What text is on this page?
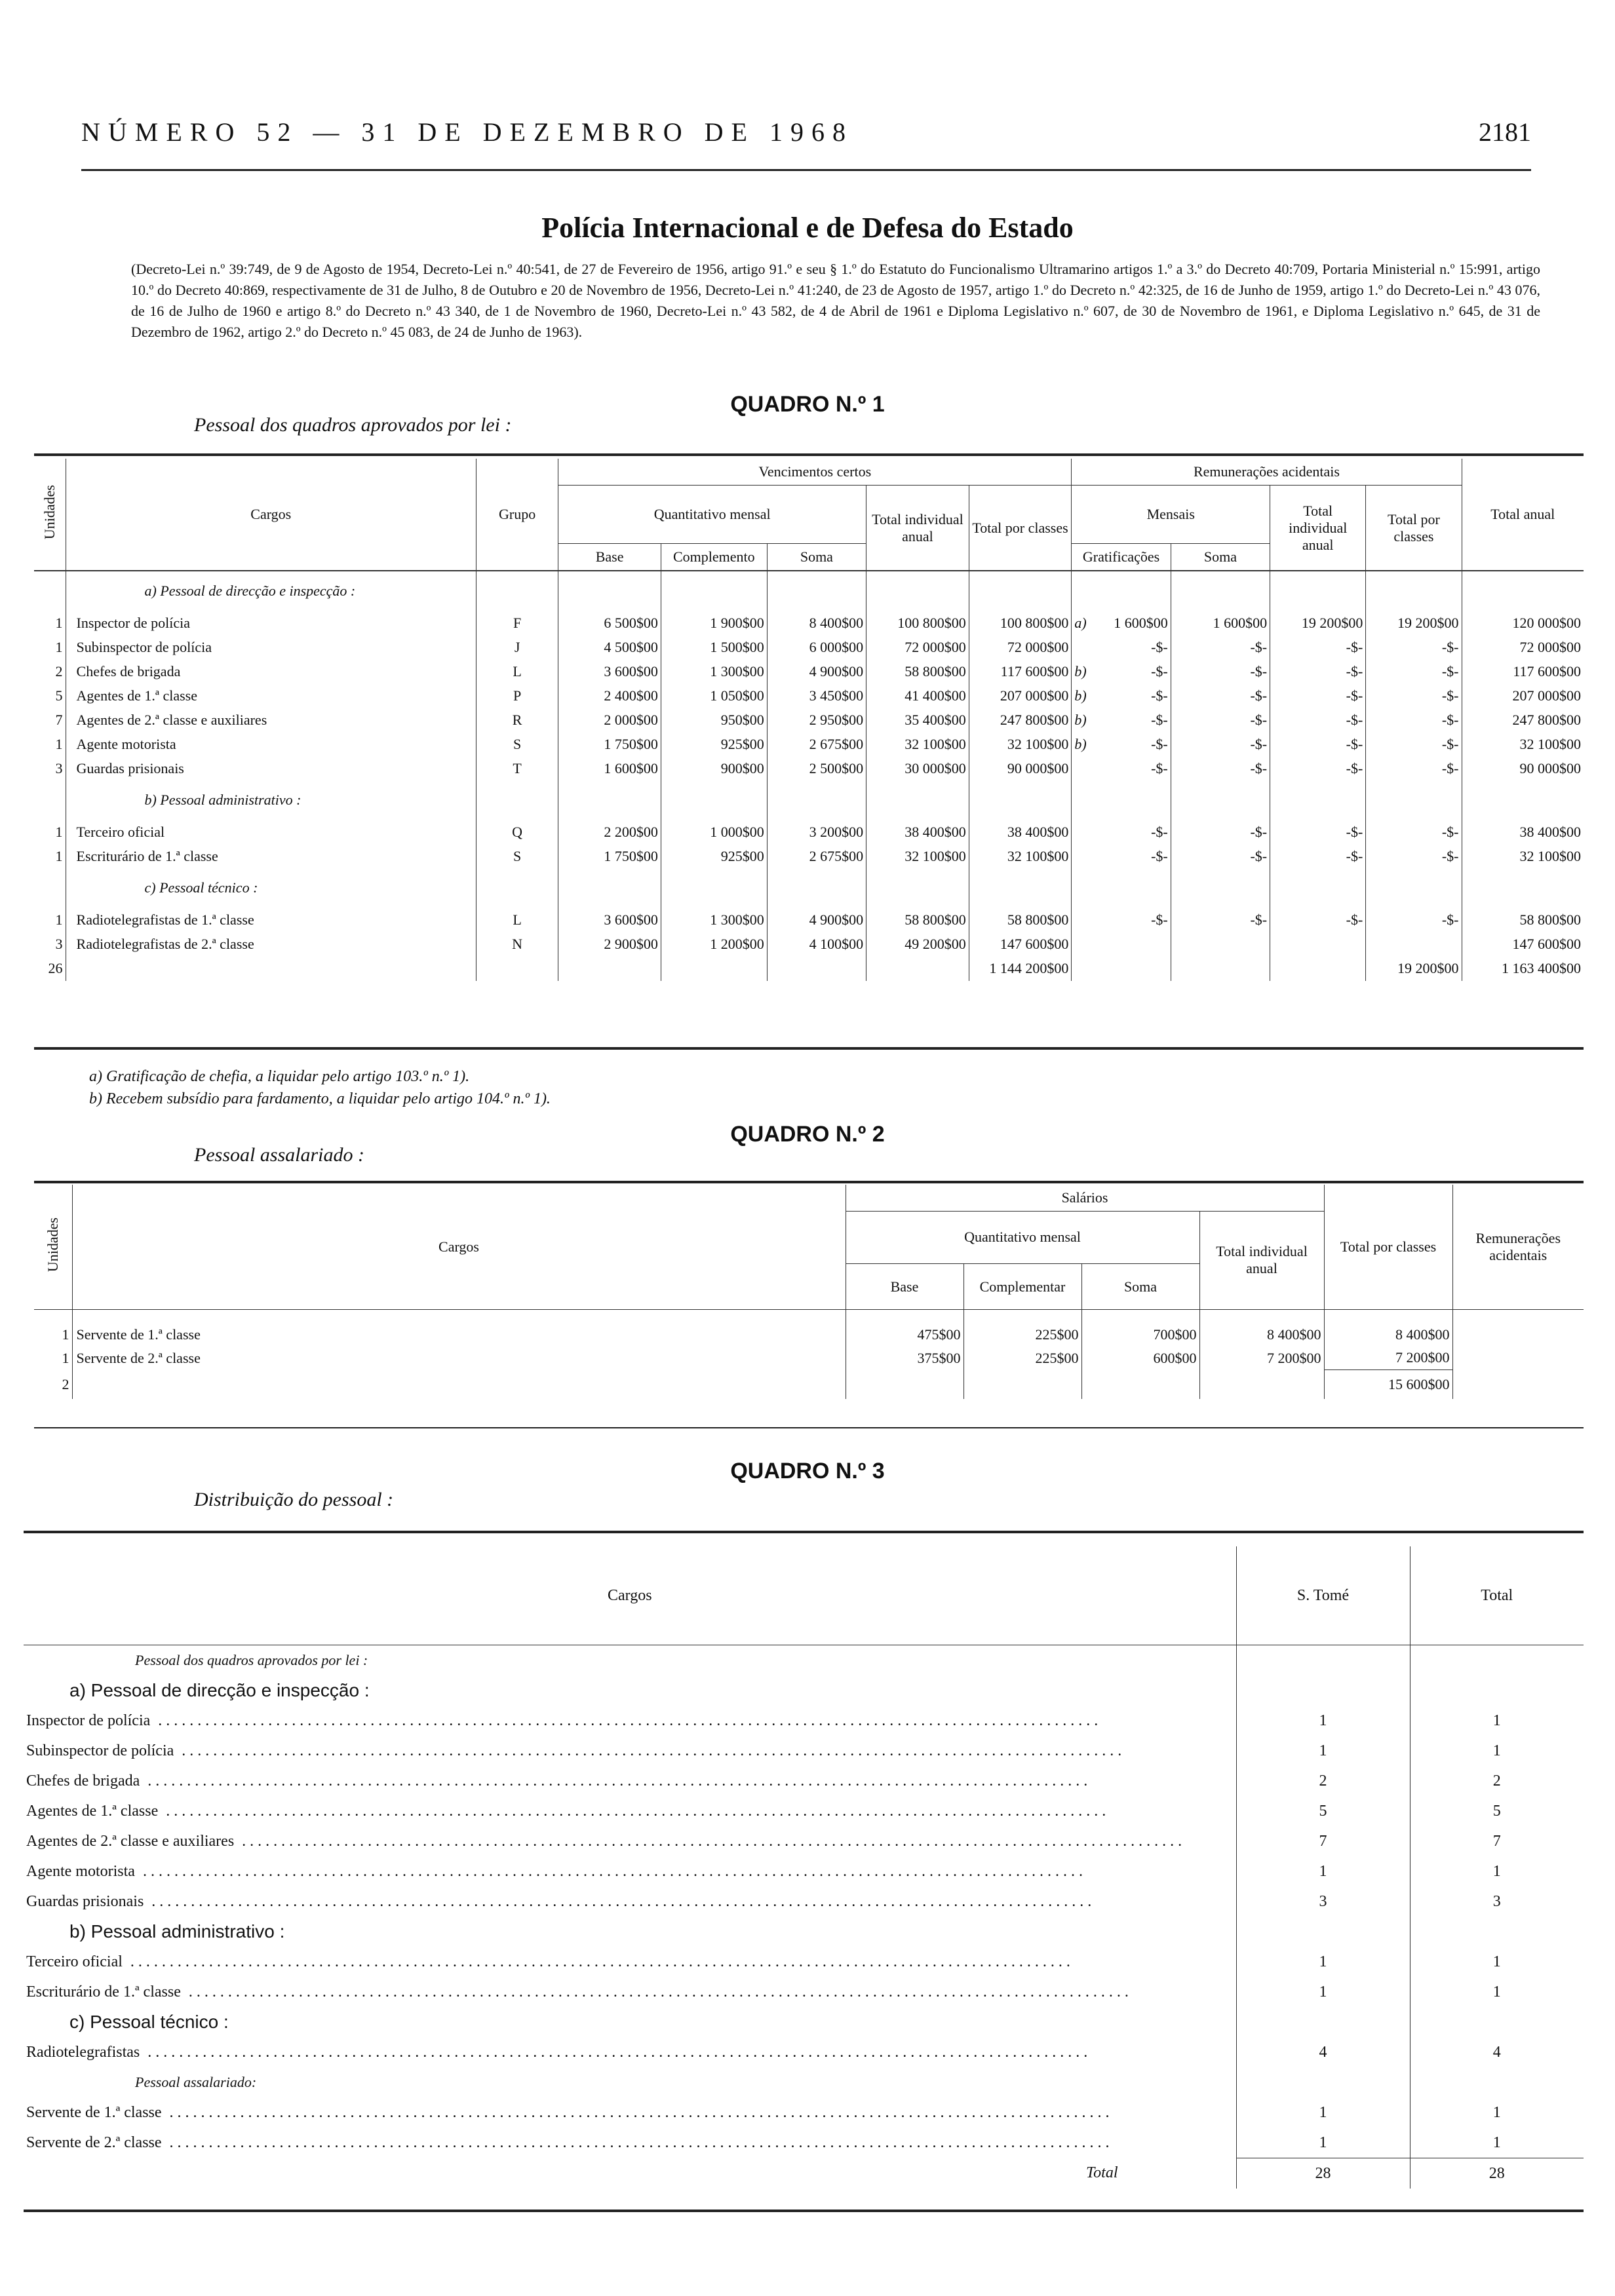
NÚMERO 52 — 31 DE DEZEMBRO DE 1968	2181
Polícia Internacional e de Defesa do Estado
(Decreto-Lei n.º 39:749, de 9 de Agosto de 1954, Decreto-Lei n.º 40:541, de 27 de Fevereiro de 1956, artigo 91.º e seu § 1.º do Estatuto do Funcionalismo Ultramarino artigos 1.º a 3.º do Decreto 40:709, Portaria Ministerial n.º 15:991, artigo 10.º do Decreto 40:869, respectivamente de 31 de Julho, 8 de Outubro e 20 de Novembro de 1956, Decreto-Lei n.º 41:240, de 23 de Agosto de 1957, artigo 1.º do Decreto n.º 42:325, de 16 de Junho de 1959, artigo 1.º do Decreto-Lei n.º 43 076, de 16 de Julho de 1960 e artigo 8.º do Decreto n.º 43 340, de 1 de Novembro de 1960, Decreto-Lei n.º 43 582, de 4 de Abril de 1961 e Diploma Legislativo n.º 607, de 30 de Novembro de 1961, e Diploma Legislativo n.º 645, de 31 de Dezembro de 1962, artigo 2.º do Decreto n.º 45 083, de 24 de Junho de 1963).
QUADRO N.º 1
Pessoal dos quadros aprovados por lei :
Unidades	Cargos	Grupo	Vencimentos certos					Remunerações acidentais				Total anual
			Quantitativo mensal			Total individual anual	Total por classes	Mensais		Total individual anual	Total por classes	
			Base	Complemento	Soma			Gratificações	Soma			
	a) Pessoal de direcção e inspecção :											
1	Inspector de polícia	F	6 500$00	1 900$00	8 400$00	100 800$00	100 800$00	a) 1 600$00	1 600$00	19 200$00	19 200$00	120 000$00
1	Subinspector de polícia	J	4 500$00	1 500$00	6 000$00	72 000$00	72 000$00	-$-	-$-	-$-	-$-	72 000$00
2	Chefes de brigada	L	3 600$00	1 300$00	4 900$00	58 800$00	117 600$00	b) -$-	-$-	-$-	-$-	117 600$00
5	Agentes de 1.ª classe	P	2 400$00	1 050$00	3 450$00	41 400$00	207 000$00	b) -$-	-$-	-$-	-$-	207 000$00
7	Agentes de 2.ª classe e auxiliares	R	2 000$00	950$00	2 950$00	35 400$00	247 800$00	b) -$-	-$-	-$-	-$-	247 800$00
1	Agente motorista	S	1 750$00	925$00	2 675$00	32 100$00	32 100$00	b) -$-	-$-	-$-	-$-	32 100$00
3	Guardas prisionais	T	1 600$00	900$00	2 500$00	30 000$00	90 000$00	-$-	-$-	-$-	-$-	90 000$00
	b) Pessoal administrativo :											
1	Terceiro oficial	Q	2 200$00	1 000$00	3 200$00	38 400$00	38 400$00	-$-	-$-	-$-	-$-	38 400$00
1	Escriturário de 1.ª classe	S	1 750$00	925$00	2 675$00	32 100$00	32 100$00	-$-	-$-	-$-	-$-	32 100$00
	c) Pessoal técnico :											
1	Radiotelegrafistas de 1.ª classe	L	3 600$00	1 300$00	4 900$00	58 800$00	58 800$00	-$-	-$-	-$-	-$-	58 800$00
3	Radiotelegrafistas de 2.ª classe	N	2 900$00	1 200$00	4 100$00	49 200$00	147 600$00					147 600$00
26							1 144 200$00				19 200$00	1 163 400$00
a) Gratificação de chefia, a liquidar pelo artigo 103.º n.º 1).
b) Recebem subsídio para fardamento, a liquidar pelo artigo 104.º n.º 1).
QUADRO N.º 2
Pessoal assalariado :
Unidades	Cargos	Salários				Total por classes	Remunerações acidentais
		Quantitativo mensal			Total individual anual		
		Base	Complementar	Soma			

1	Servente de 1.ª classe	475$00	225$00	700$00	8 400$00	8 400$00	
1	Servente de 2.ª classe	375$00	225$00	600$00	7 200$00	7 200$00	
2						15 600$00	
QUADRO N.º 3
Distribuição do pessoal :
Cargos	S. Tomé	Total
Pessoal dos quadros aprovados por lei :		
a) Pessoal de direcção e inspecção :		
Inspector de polícia ........................................................................................................................	1	1
Subinspector de polícia ........................................................................................................................	1	1
Chefes de brigada ........................................................................................................................	2	2
Agentes de 1.ª classe ........................................................................................................................	5	5
Agentes de 2.ª classe e auxiliares ........................................................................................................................	7	7
Agente motorista ........................................................................................................................	1	1
Guardas prisionais ........................................................................................................................	3	3
b) Pessoal administrativo :		
Terceiro oficial ........................................................................................................................	1	1
Escriturário de 1.ª classe ........................................................................................................................	1	1
c) Pessoal técnico :		
Radiotelegrafistas ........................................................................................................................	4	4
Pessoal assalariado:		
Servente de 1.ª classe ........................................................................................................................	1	1
Servente de 2.ª classe ........................................................................................................................	1	1
Total	28	28
